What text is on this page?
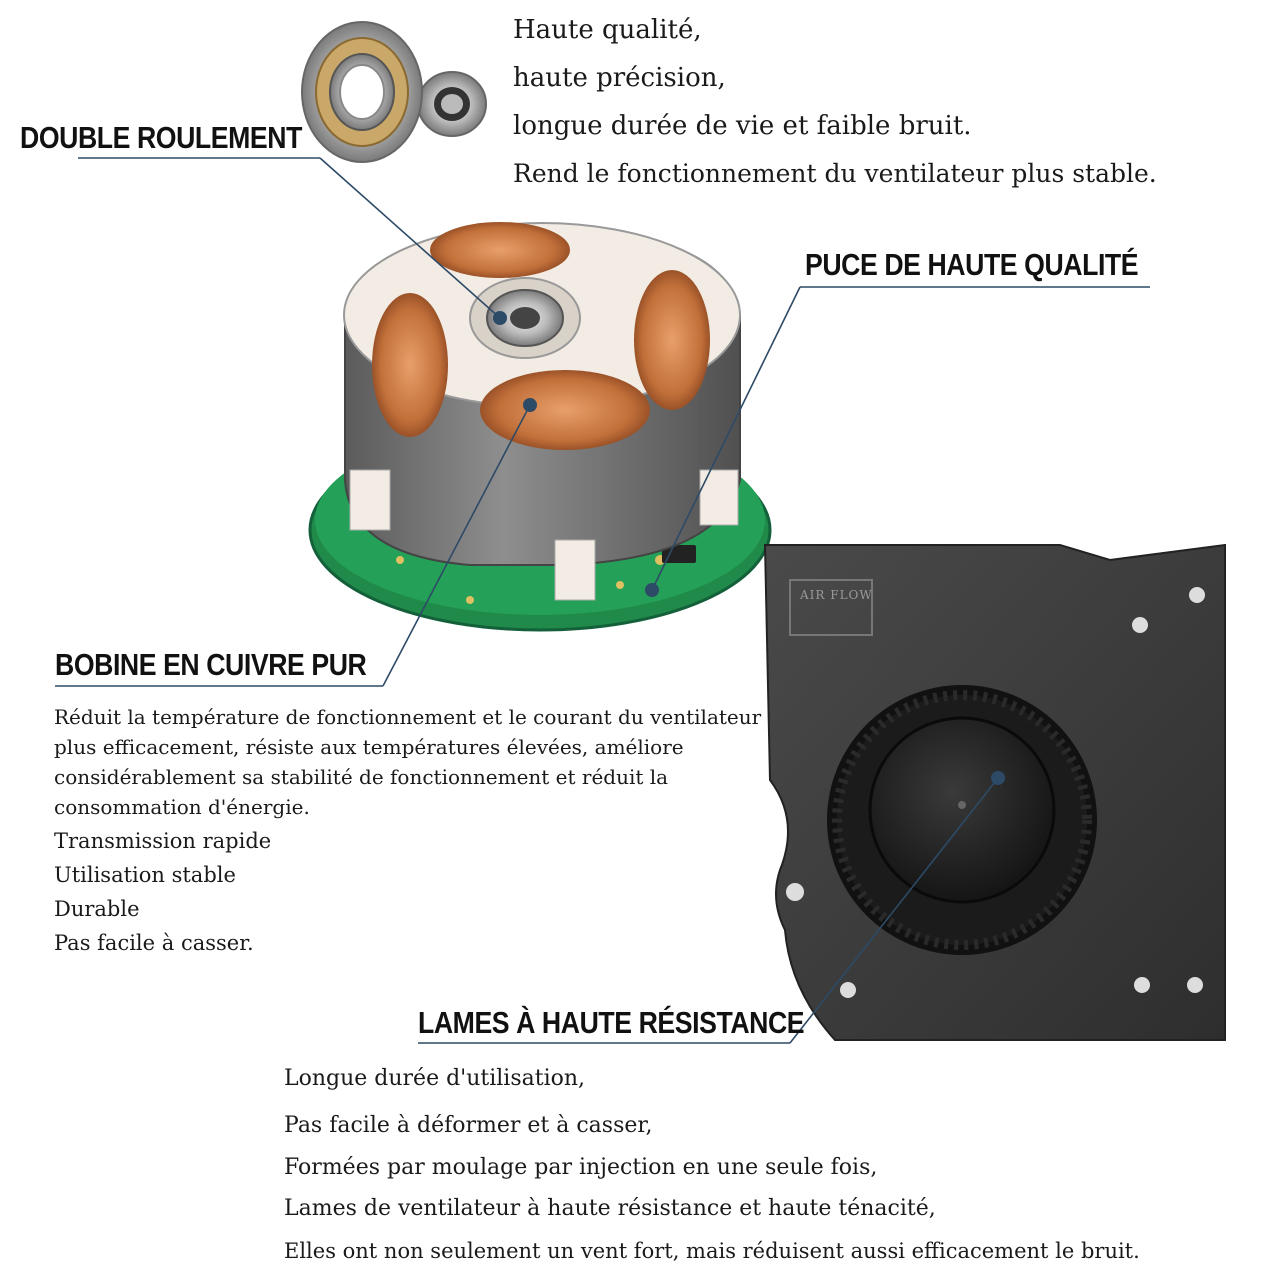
AIR FLOW
DOUBLE ROULEMENT
Haute qualité,
haute précision,
longue durée de vie et faible bruit.
Rend le fonctionnement du ventilateur plus stable.
PUCE DE HAUTE QUALITÉ
BOBINE EN CUIVRE PUR
Réduit la température de fonctionnement et le courant du ventilateur
plus efficacement, résiste aux températures élevées, améliore
considérablement sa stabilité de fonctionnement et réduit la
consommation d'énergie.
Transmission rapide
Utilisation stable
Durable
Pas facile à casser.
LAMES À HAUTE RÉSISTANCE
Longue durée d'utilisation,
Pas facile à déformer et à casser,
Formées par moulage par injection en une seule fois,
Lames de ventilateur à haute résistance et haute ténacité,
Elles ont non seulement un vent fort, mais réduisent aussi efficacement le bruit.
